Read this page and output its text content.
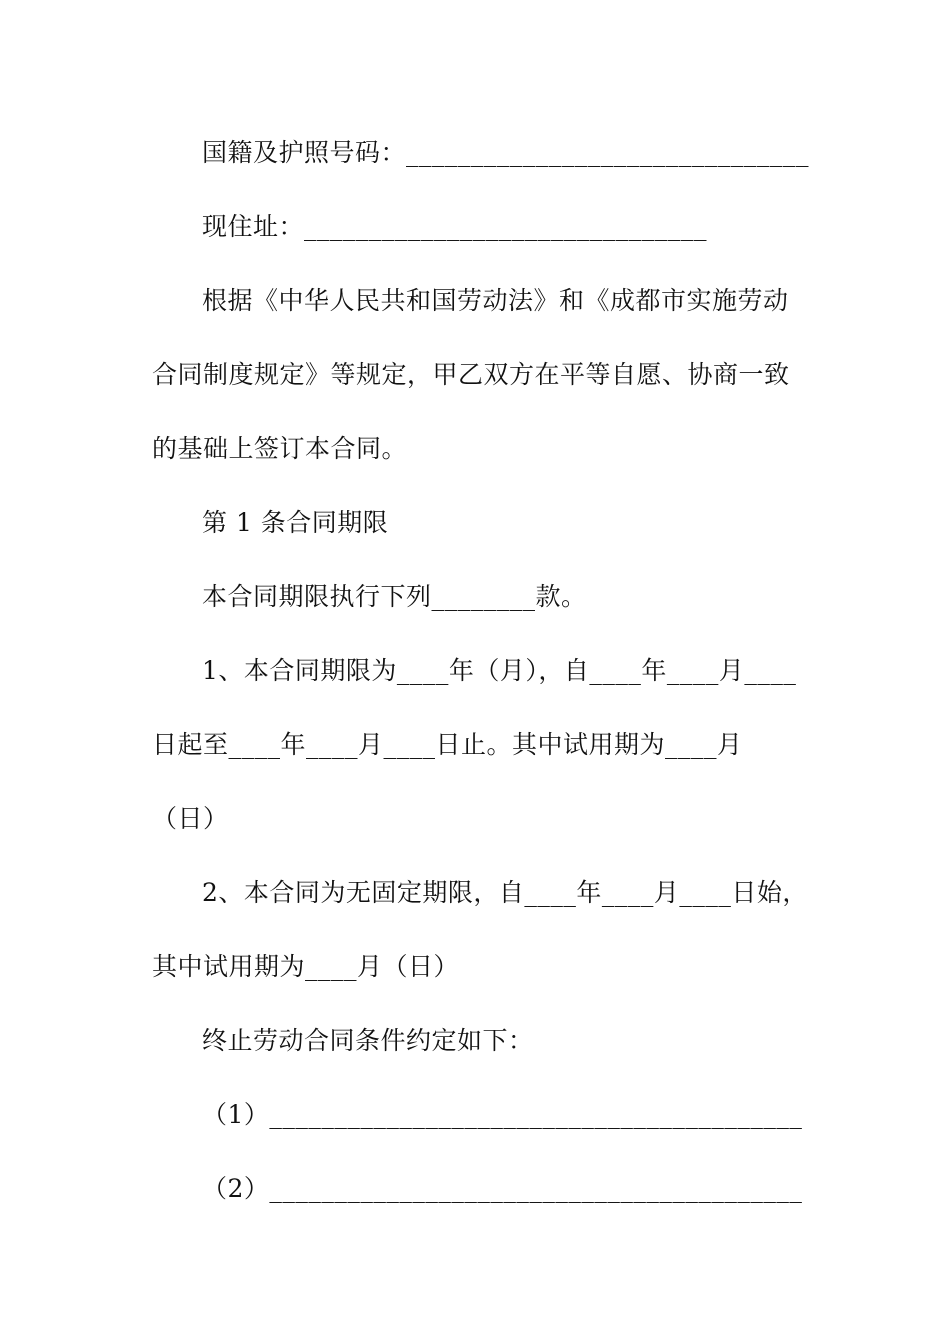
国籍及护照号码：_______________________________
现住址：_______________________________
根据《中华人民共和国劳动法》和《成都市实施劳动
合同制度规定》等规定，甲乙双方在平等自愿、协商一致
的基础上签订本合同。
第 1 条合同期限
本合同期限执行下列________款。
1、本合同期限为____年（月），自____年____月____
日起至____年____月____日止。其中试用期为____月
（日）
2、本合同为无固定期限，自____年____月____日始，
其中试用期为____月（日）
终止劳动合同条件约定如下：
（1）_________________________________________
（2）_________________________________________
